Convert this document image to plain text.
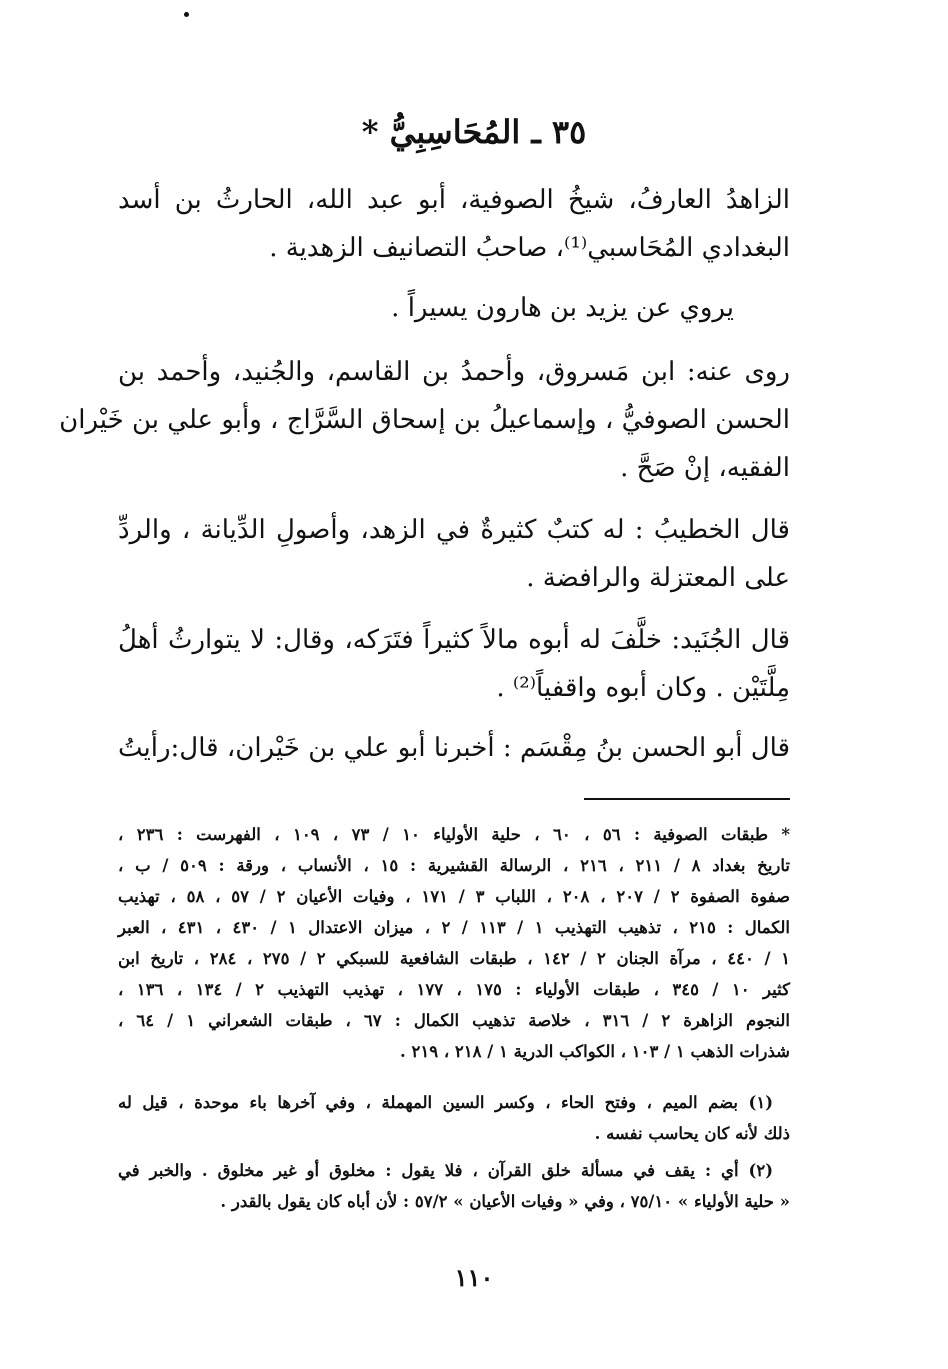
٣٥ ـ المُحَاسِبِيُّ *
الزاهدُ العارفُ، شيخُ الصوفية، أبو عبد الله، الحارثُ بن أسد
البغدادي المُحَاسبي⁽¹⁾، صاحبُ التصانيف الزهدية .
يروي عن يزيد بن هارون يسيراً .
روى عنه: ابن مَسروق، وأحمدُ بن القاسم، والجُنيد، وأحمد بن
الحسن الصوفيُّ ، وإسماعيلُ بن إسحاق السَّرَّاج ، وأبو علي بن خَيْران
الفقيه، إنْ صَحَّ .
قال الخطيبُ : له كتبٌ كثيرةٌ في الزهد، وأصولِ الدِّيانة ، والردِّ
على المعتزلة والرافضة .
قال الجُنَيد: خلَّفَ له أبوه مالاً كثيراً فتَرَكه، وقال: لا يتوارثُ أهلُ
مِلَّتَيْن . وكان أبوه واقفياً⁽²⁾ .
قال أبو الحسن بنُ مِقْسَم : أخبرنا أبو علي بن خَيْران، قال:رأيتُ
* طبقات الصوفية : ٥٦ ، ٦٠ ، حلية الأولياء ١٠ / ٧٣ ، ١٠٩ ، الفهرست : ٢٣٦ ،
تاريخ بغداد ٨ / ٢١١ ، ٢١٦ ، الرسالة القشيرية : ١٥ ، الأنساب ، ورقة : ٥٠٩ / ب ،
صفوة الصفوة ٢ / ٢٠٧ ، ٢٠٨ ، اللباب ٣ / ١٧١ ، وفيات الأعيان ٢ / ٥٧ ، ٥٨ ، تهذيب
الكمال : ٢١٥ ، تذهيب التهذيب ١ / ١١٣ / ٢ ، ميزان الاعتدال ١ / ٤٣٠ ، ٤٣١ ، العبر
١ / ٤٤٠ ، مرآة الجنان ٢ / ١٤٢ ، طبقات الشافعية للسبكي ٢ / ٢٧٥ ، ٢٨٤ ، تاريخ ابن
كثير ١٠ / ٣٤٥ ، طبقات الأولياء : ١٧٥ ، ١٧٧ ، تهذيب التهذيب ٢ / ١٣٤ ، ١٣٦ ،
النجوم الزاهرة ٢ / ٣١٦ ، خلاصة تذهيب الكمال : ٦٧ ، طبقات الشعراني ١ / ٦٤ ،
شذرات الذهب ١ / ١٠٣ ، الكواكب الدرية ١ / ٢١٨ ، ٢١٩ .
(١) بضم الميم ، وفتح الحاء ، وكسر السين المهملة ، وفي آخرها باء موحدة ، قيل له
ذلك لأنه كان يحاسب نفسه .
(٢) أي : يقف في مسألة خلق القرآن ، فلا يقول : مخلوق أو غير مخلوق . والخبر في
« حلية الأولياء » ٧٥/١٠ ، وفي « وفيات الأعيان » ٥٧/٢ : لأن أباه كان يقول بالقدر .
١١٠
